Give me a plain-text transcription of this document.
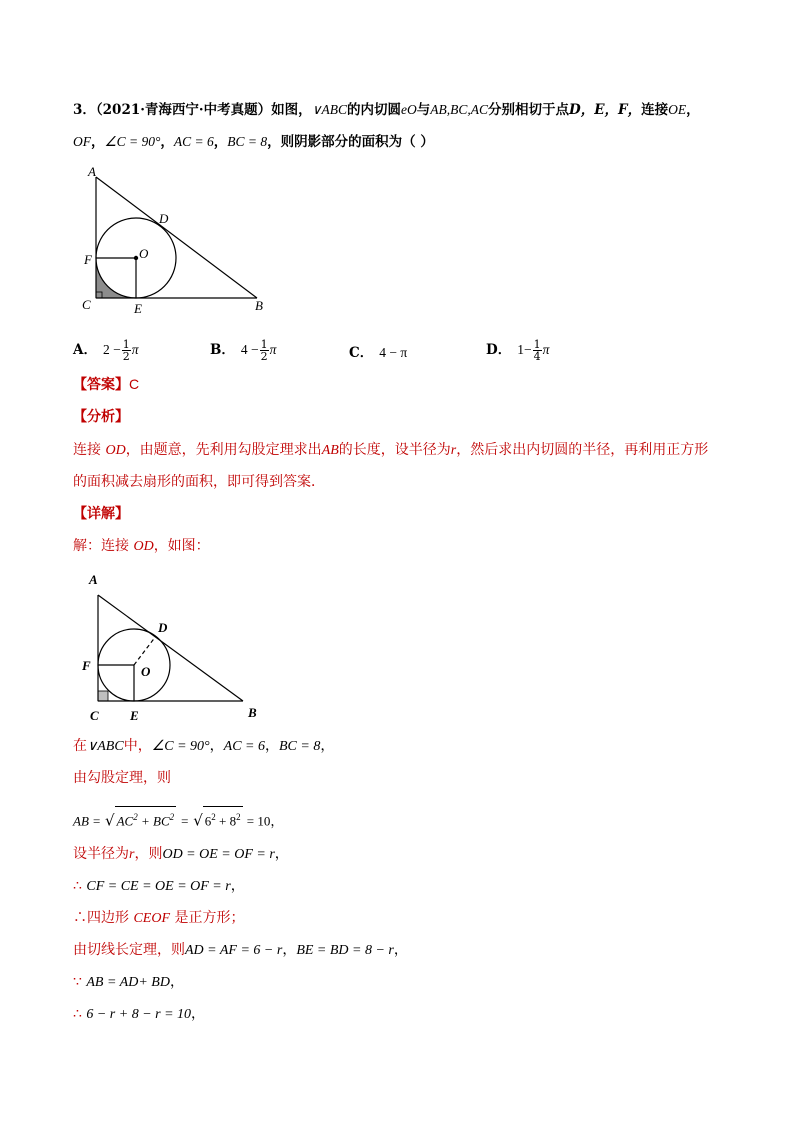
3．（2021·青海西宁·中考真题）如图，∨ABC的内切圆eO与AB,BC,AC分别相切于点D，E，F，连接OE，
OF，∠C = 90°，AC = 6，BC = 8，则阴影部分的面积为（ ）
A
D
O
F
C	E	B
A． $2 - \frac{1}{2}$ π	B． $4 - \frac{1}{2}$ π	C． 4 − π	D． $1- \frac{1}{4}$ π
【答案】C
【分析】
连接 OD，由题意，先利用勾股定理求出AB的长度，设半径为r，然后求出内切圆的半径，再利用正方形
的面积减去扇形的面积，即可得到答案．
【详解】
解：连接 OD，如图：
A
D
O
F
C E	B
在∨ABC中，∠C = 90°，AC = 6，BC = 8，
由勾股定理，则
AB = √ $AC^2 + BC^2$ = √ $6^2 + 8^2 = 10$，
设半径为r，则OD = OE = OF = r，
∴ CF = CE = OE = OF = r，
∴四边形 CEOF 是正方形；
由切线长定理，则AD = AF = 6 − r，BE = BD = 8 − r，
∵ AB = AD+ BD，
∴ 6 − r + 8 − r = 10，
